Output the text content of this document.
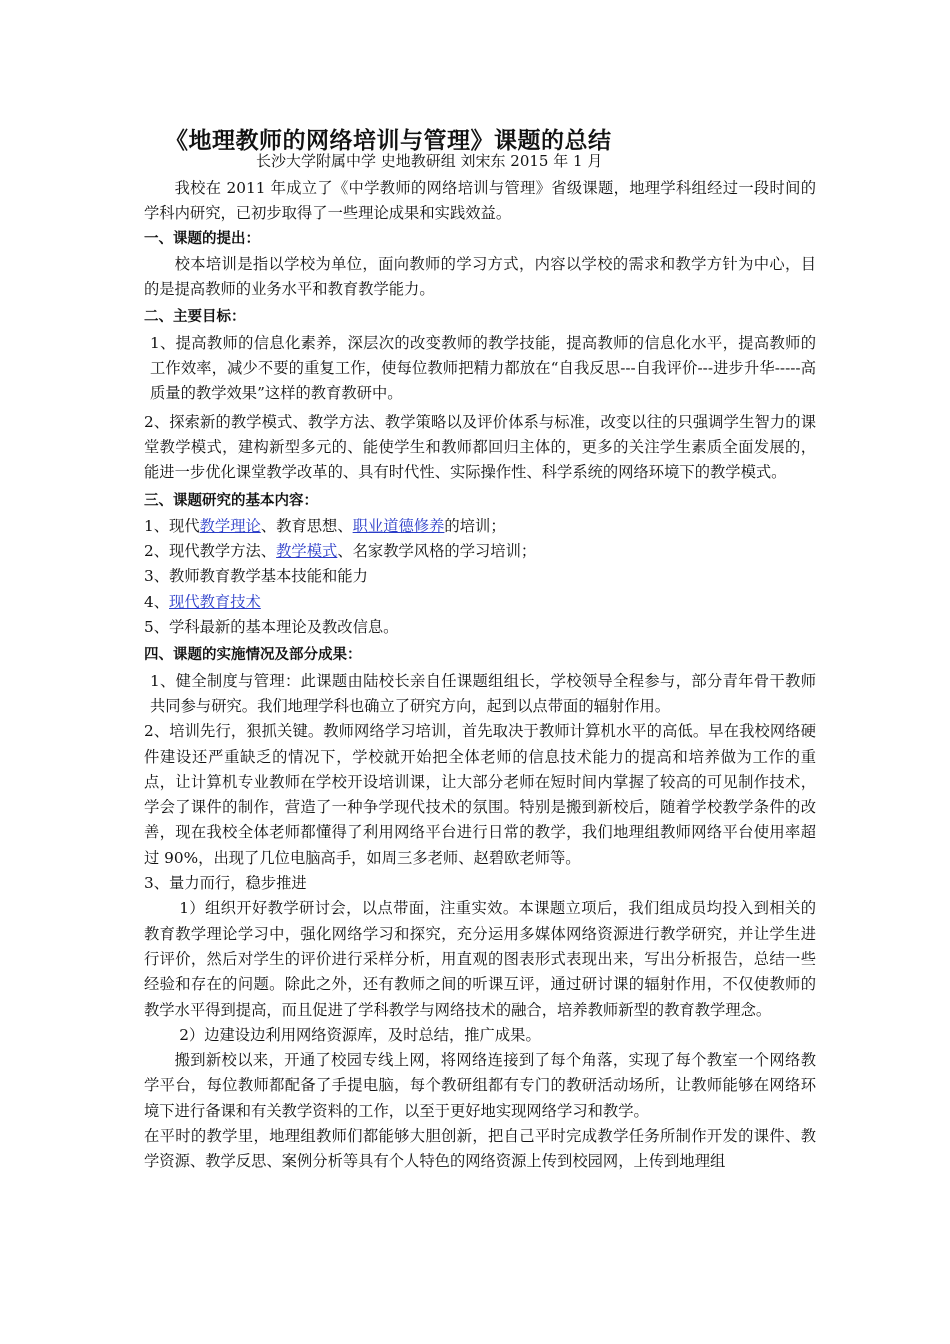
《地理教师的网络培训与管理》课题的总结
长沙大学附属中学 史地教研组 刘宋东 2015 年 1 月

我校在 2011 年成立了《中学教师的网络培训与管理》省级课题，地理学科组经过一段时间的学科内研究，已初步取得了一些理论成果和实践效益。

一、课题的提出：

校本培训是指以学校为单位，面向教师的学习方式，内容以学校的需求和教学方针为中心，目的是提高教师的业务水平和教育教学能力。

二、主要目标：

1、提高教师的信息化素养，深层次的改变教师的教学技能，提高教师的信息化水平，提高教师的工作效率，减少不要的重复工作，使每位教师把精力都放在“自我反思---自我评价---进步升华-----高质量的教学效果”这样的教育教研中。

2、探索新的教学模式、教学方法、教学策略以及评价体系与标准，改变以往的只强调学生智力的课堂教学模式，建构新型多元的、能使学生和教师都回归主体的，更多的关注学生素质全面发展的，能进一步优化课堂教学改革的、具有时代性、实际操作性、科学系统的网络环境下的教学模式。

三、课题研究的基本内容：

1、现代教学理论、教育思想、职业道德修养的培训；

2、现代教学方法、教学模式、名家教学风格的学习培训；

3、教师教育教学基本技能和能力

4、现代教育技术

5、学科最新的基本理论及教改信息。

四、课题的实施情况及部分成果：

1、健全制度与管理：此课题由陆校长亲自任课题组组长，学校领导全程参与，部分青年骨干教师共同参与研究。我们地理学科也确立了研究方向，起到以点带面的辐射作用。

2、培训先行，狠抓关键。教师网络学习培训，首先取决于教师计算机水平的高低。早在我校网络硬件建设还严重缺乏的情况下，学校就开始把全体老师的信息技术能力的提高和培养做为工作的重点，让计算机专业教师在学校开设培训课，让大部分老师在短时间内掌握了较高的可见制作技术，学会了课件的制作，营造了一种争学现代技术的氛围。特别是搬到新校后，随着学校教学条件的改善，现在我校全体老师都懂得了利用网络平台进行日常的教学，我们地理组教师网络平台使用率超过 90%，出现了几位电脑高手，如周三多老师、赵碧欧老师等。

3、量力而行，稳步推进

1）组织开好教学研讨会，以点带面，注重实效。本课题立项后，我们组成员均投入到相关的教育教学理论学习中，强化网络学习和探究，充分运用多媒体网络资源进行教学研究，并让学生进行评价，然后对学生的评价进行采样分析，用直观的图表形式表现出来，写出分析报告，总结一些经验和存在的问题。除此之外，还有教师之间的听课互评，通过研讨课的辐射作用，不仅使教师的教学水平得到提高，而且促进了学科教学与网络技术的融合，培养教师新型的教育教学理念。

2）边建设边利用网络资源库，及时总结，推广成果。

搬到新校以来，开通了校园专线上网，将网络连接到了每个角落，实现了每个教室一个网络教学平台，每位教师都配备了手提电脑，每个教研组都有专门的教研活动场所，让教师能够在网络环境下进行备课和有关教学资料的工作，以至于更好地实现网络学习和教学。

在平时的教学里，地理组教师们都能够大胆创新，把自己平时完成教学任务所制作开发的课件、教学资源、教学反思、案例分析等具有个人特色的网络资源上传到校园网，上传到地理组
